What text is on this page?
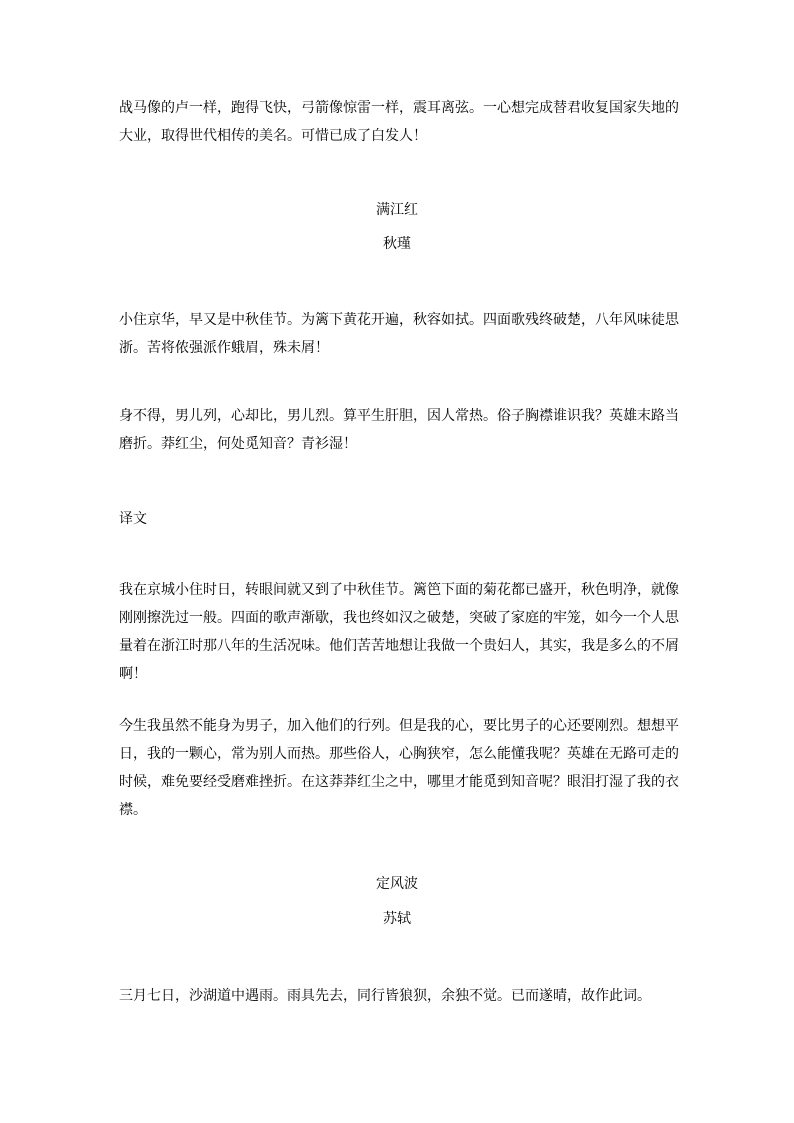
战马像的卢一样，跑得飞快，弓箭像惊雷一样，震耳离弦。一心想完成替君收复国家失地的大业，取得世代相传的美名。可惜已成了白发人！

满江红

秋瑾

小住京华，早又是中秋佳节。为篱下黄花开遍，秋容如拭。四面歌残终破楚，八年风味徒思浙。苦将侬强派作蛾眉，殊未屑！

身不得，男儿列，心却比，男儿烈。算平生肝胆，因人常热。俗子胸襟谁识我？英雄末路当磨折。莽红尘，何处觅知音？青衫湿！

译文

我在京城小住时日，转眼间就又到了中秋佳节。篱笆下面的菊花都已盛开，秋色明净，就像刚刚擦洗过一般。四面的歌声渐歇，我也终如汉之破楚，突破了家庭的牢笼，如今一个人思量着在浙江时那八年的生活况味。他们苦苦地想让我做一个贵妇人，其实，我是多么的不屑啊！

今生我虽然不能身为男子，加入他们的行列。但是我的心，要比男子的心还要刚烈。想想平日，我的一颗心，常为别人而热。那些俗人，心胸狭窄，怎么能懂我呢？英雄在无路可走的时候，难免要经受磨难挫折。在这莽莽红尘之中，哪里才能觅到知音呢？眼泪打湿了我的衣襟。

定风波

苏轼

三月七日，沙湖道中遇雨。雨具先去，同行皆狼狈，余独不觉。已而遂晴，故作此词。
